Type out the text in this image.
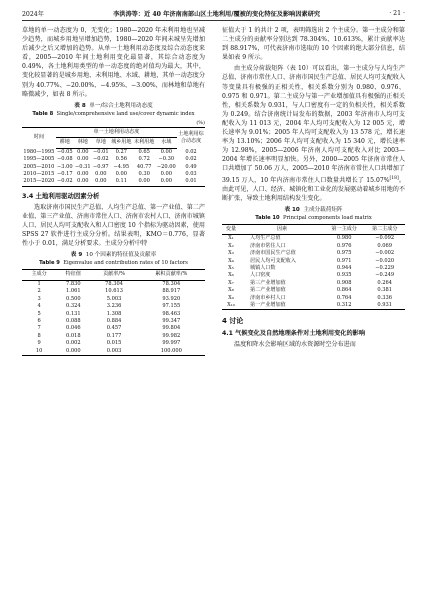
2024年	李洪涛等：近 40 年济南南部山区土地利用/覆被的变化特征及影响因素研究	· 21 ·

草地的单一动态度为 0，无变化；1980—2020 年未利用地也呈减少趋势，而城乡用地呈增加趋势，1980—2020 年间未城呈先增加后减少之后又增加的趋势。从单一土地利用动态度及综合动态度来看，2005—2010 年间土地利用变化最显著，其综合动态度为 0.49%，各土地利用类型的单一动态度的绝对值均为最大，其中，变化较显著的是城乡用地、未利用地、水域、耕地，其单一动态度分别为 40.77%、−20.00%、−4.95%、−3.00%，而林地和草地有略微减少，如表 8 所示。

表 8 单一/综合土地利用动态度
Table 8 Single/comprehensive land use/cover dynamic index

(%)

时间	单一土地利用动态度						土地利用综合动态度
	耕地	林地	草地	城乡用地	未利用地	水域	
1980—1995	−0.05	0.00	−0.01	0.27	0.65	0.00	0.02
1995—2005	−0.08	0.00	−0.02	0.56	0.72	−0.30	0.02
2005—2010	−3.00	−0.31	−0.97	−4.95	40.77	−20.00	0.49
2010—2015	−0.17	0.00	0.00	0.00	0.30	0.00	0.03
2015—2020	−0.02	0.00	0.00	0.11	0.00	0.00	0.01
3.4 土地利用驱动因素分析

选取济南市国民生产总值、人均生产总值、第一产业值、第二产业值、第三产业值、济南市常住人口、济南市农村人口、济南市城镇人口、居民人均可支配收入和人口密度 10 个指标为驱动因素，使用 SPSS 27 软件进行主成分分析。结果表明，KMO＝0.776，显著性小于 0.01，满足分析要求。主成分分析中特

表 9 10 个因素的特征值及贡献率
Table 9 Eigenvalue and contribution rates of 10 factors
主成分	特征值	贡献率/%	累积贡献率/%
1	7.830	78.304	78.304
2	1.061	10.613	88.917
3	0.500	5.003	93.920
4	0.324	3.236	97.155
5	0.131	1.308	98.463
6	0.088	0.884	99.347
7	0.046	0.457	99.804
8	0.018	0.177	99.982
9	0.002	0.015	99.997
10	0.000	0.003	100.000

征值大于 1 的共计 2 项，表明筛选出 2 个主成分。第一主成分和第二主成分的贡献率分别达到 78.304%、10.613%，累计贡献率达到 88.917%，可代表济南市选取的 10 个因素的绝大部分信息，结果如表 9 所示。

由主成分荷载矩阵（表 10）可以看出，第一主成分与人均生产总值、济南市常住人口、济南市国民生产总值、居民人均可支配收入等变量具有极强的正相关性，相关系数分别为 0.980、0.976、0.975 和 0.971。第二主成分与第一产业增加值具有极强的正相关性，相关系数为 0.931，与人口密度有一定的负相关性，相关系数为 0.249。结合济南统计局发布的数据，2003 年济南市人均可支配收入为 11 013 元，2004 年人均可支配收入为 12 005 元，增长速率为 9.01%；2005 年人均可支配收入为 13 578 元，增长速率为 13.10%；2006 年人均可支配收入为 15 340 元，增长速率为 12.98%，2005—2006 年济南人均可支配收入对比 2003—2004 年增长速率明显加快。另外，2000—2005 年济南市常住人口共增加了 50.06 万人，2005—2010 年济南市常住人口共增加了 39.15 万人，10 年内济南市常住人口数量共增长了 15.07%[18]。由此可见，人口、经济、城镇化和工业化的发展驱动着城乡用地的不断扩张，导致土地利用结构发生变化。

表 10 主成分载荷矩阵
Table 10 Principal components load matrix
变量	因素	第一主成分	第二主成分
X₁	人均生产总值	0.980	−0.092
X₂	济南市常住人口	0.976	0.069
X₃	济南市国民生产总值	0.975	−0.002
X₄	居民人均可支配收入	0.971	−0.020
X₅	城镇人口数	0.944	−0.229
X₆	人口密度	0.935	−0.249
X₇	第三产业增加值	0.908	0.264
X₈	第二产业增加值	0.864	0.381
X₉	济南市乡村人口	0.764	0.336
X₁₀	第一产业增加值	0.312	0.931
4 讨论
4.1 气候变化及自然地理条件对土地利用变化的影响

温度和降水会影响区域的水资源时空分布进而
